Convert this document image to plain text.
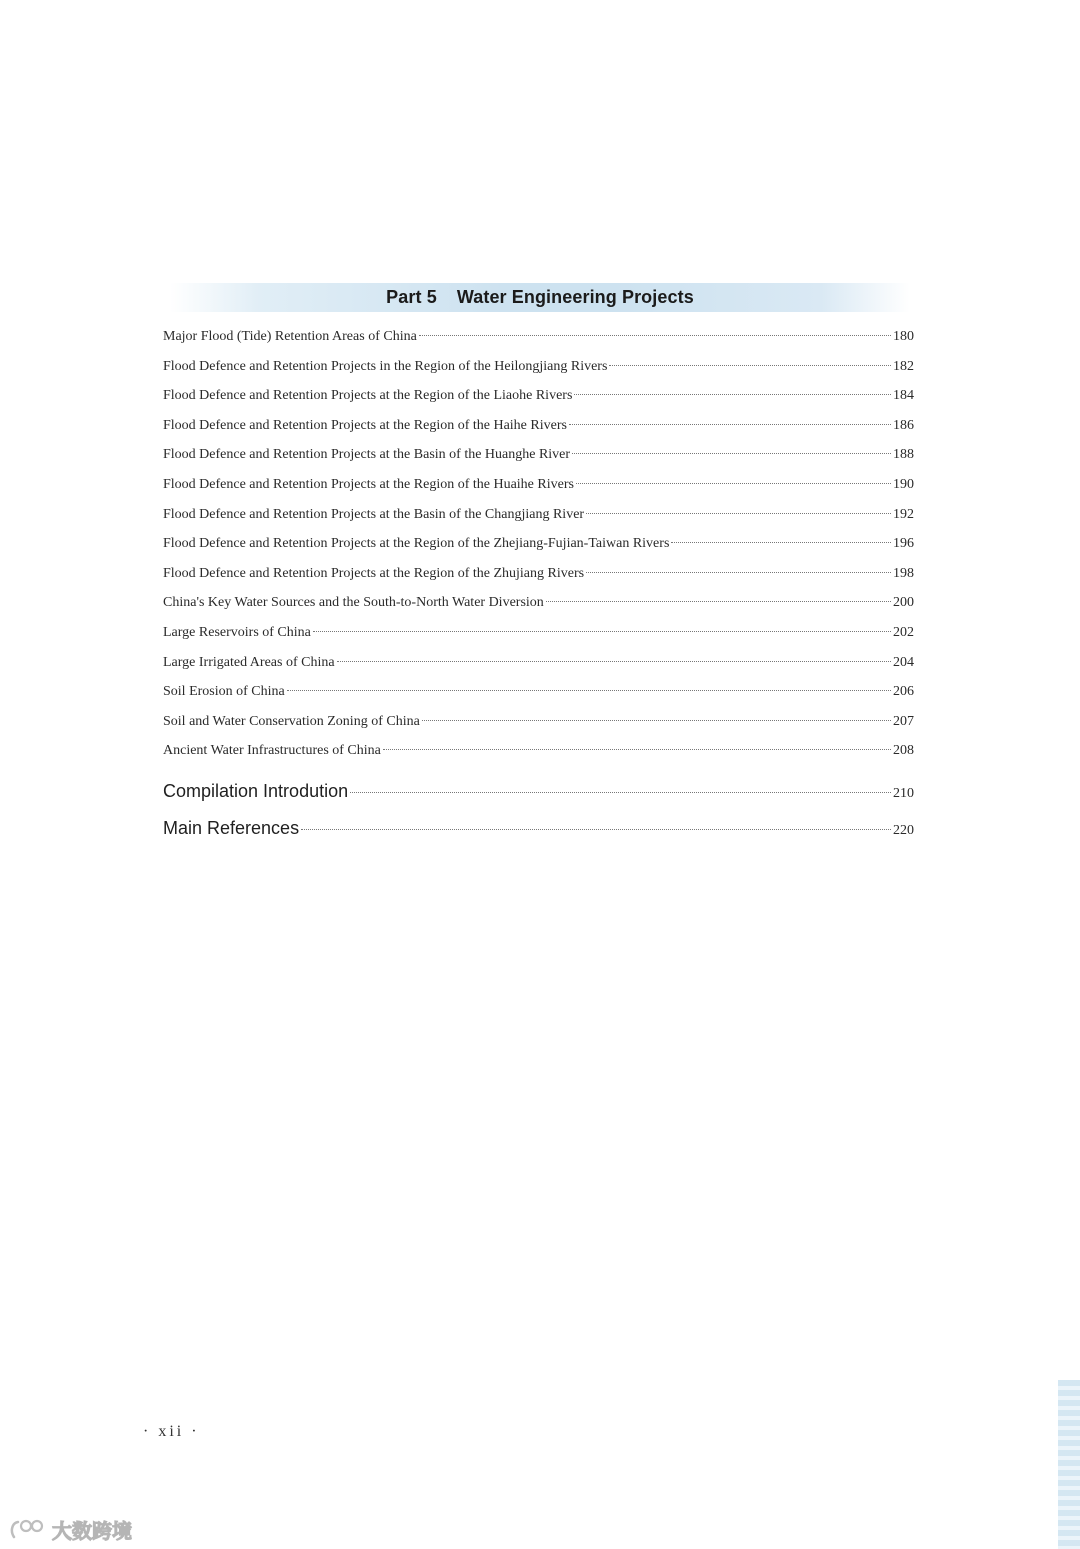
Part 5 Water Engineering Projects
Major Flood (Tide) Retention Areas of China	180
Flood Defence and Retention Projects in the Region of the Heilongjiang Rivers	182
Flood Defence and Retention Projects at the Region of the Liaohe Rivers	184
Flood Defence and Retention Projects at the Region of the Haihe Rivers	186
Flood Defence and Retention Projects at the Basin of the Huanghe River	188
Flood Defence and Retention Projects at the Region of the Huaihe Rivers	190
Flood Defence and Retention Projects at the Basin of the Changjiang River	192
Flood Defence and Retention Projects at the Region of the Zhejiang-Fujian-Taiwan Rivers	196
Flood Defence and Retention Projects at the Region of the Zhujiang Rivers	198
China's Key Water Sources and the South-to-North Water Diversion	200
Large Reservoirs of China	202
Large Irrigated Areas of China	204
Soil Erosion of China	206
Soil and Water Conservation Zoning of China	207
Ancient Water Infrastructures of China	208
Compilation Introdution	210
Main References	220
· xii ·
大数跨境
